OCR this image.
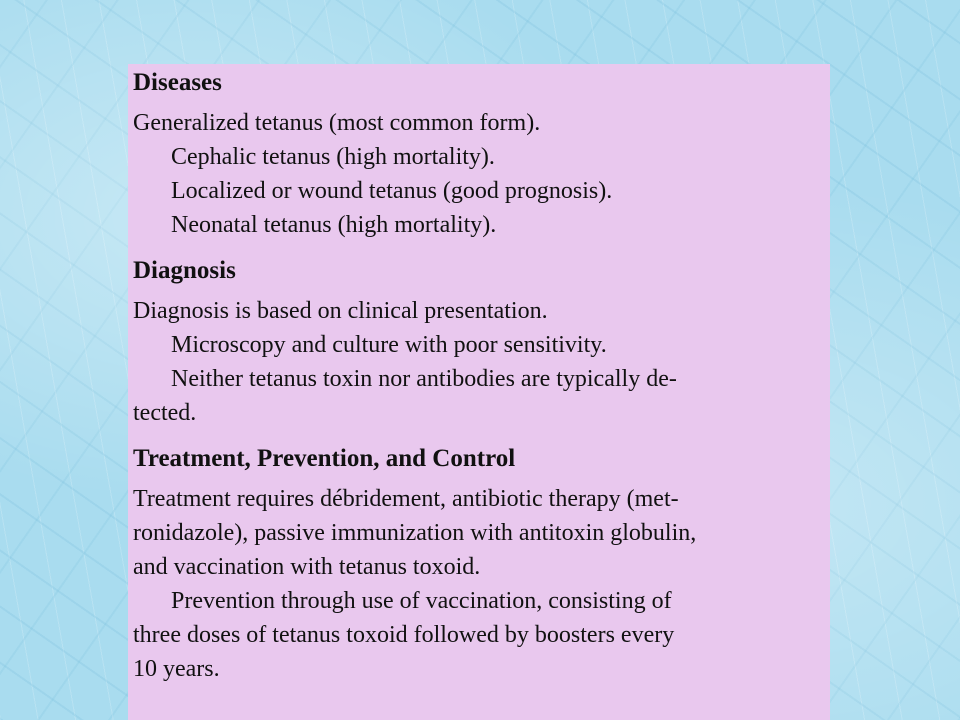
Diseases

Generalized tetanus (most common form).

Cephalic tetanus (high mortality).

Localized or wound tetanus (good prognosis).

Neonatal tetanus (high mortality).

Diagnosis

Diagnosis is based on clinical presentation.

Microscopy and culture with poor sensitivity.

Neither tetanus toxin nor antibodies are typically de-

tected.

Treatment, Prevention, and Control

Treatment requires débridement, antibiotic therapy (met-

ronidazole), passive immunization with antitoxin globulin,

and vaccination with tetanus toxoid.

Prevention through use of vaccination, consisting of

three doses of tetanus toxoid followed by boosters every

10 years.
